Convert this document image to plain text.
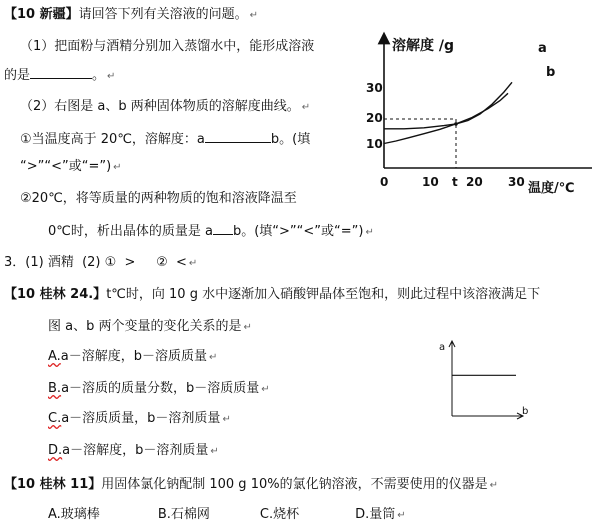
【10 新疆】请回答下列有关溶液的问题。 ↵
（1）把面粉与酒精分别加入蒸馏水中，能形成溶液
的是	。 ↵
（2）右图是 a、b 两种固体物质的溶解度曲线。 ↵
①当温度高于 20℃，溶解度：a	b。(填
“>”“<”或“=”) ↵
②20℃，将等质量的两种物质的饱和溶液降温至
0℃时，析出晶体的质量是 a b。(填“>”“<”或“=”) ↵
溶解度 /g
温度/℃
30
20
10
0	10 t 20 30
a
b
3．(1) 酒精  (2) ①  >     ②  < ↵
【10 桂林 24.】t℃时，向 10 g 水中逐渐加入硝酸钾晶体至饱和，则此过程中该溶液满足下
图 a、b 两个变量的变化关系的是 ↵
A.a－溶解度，b－溶质质量 ↵
B.a－溶质的质量分数，b－溶质质量 ↵
C.a－溶质质量，b－溶剂质量 ↵
D.a－溶解度，b－溶剂质量 ↵
a
b
【10 桂林 11】用固体氯化钠配制 100 g 10%的氯化钠溶液，不需要使用的仪器是 ↵
A.玻璃棒	B.石棉网	C.烧杯	D.量筒 ↵
